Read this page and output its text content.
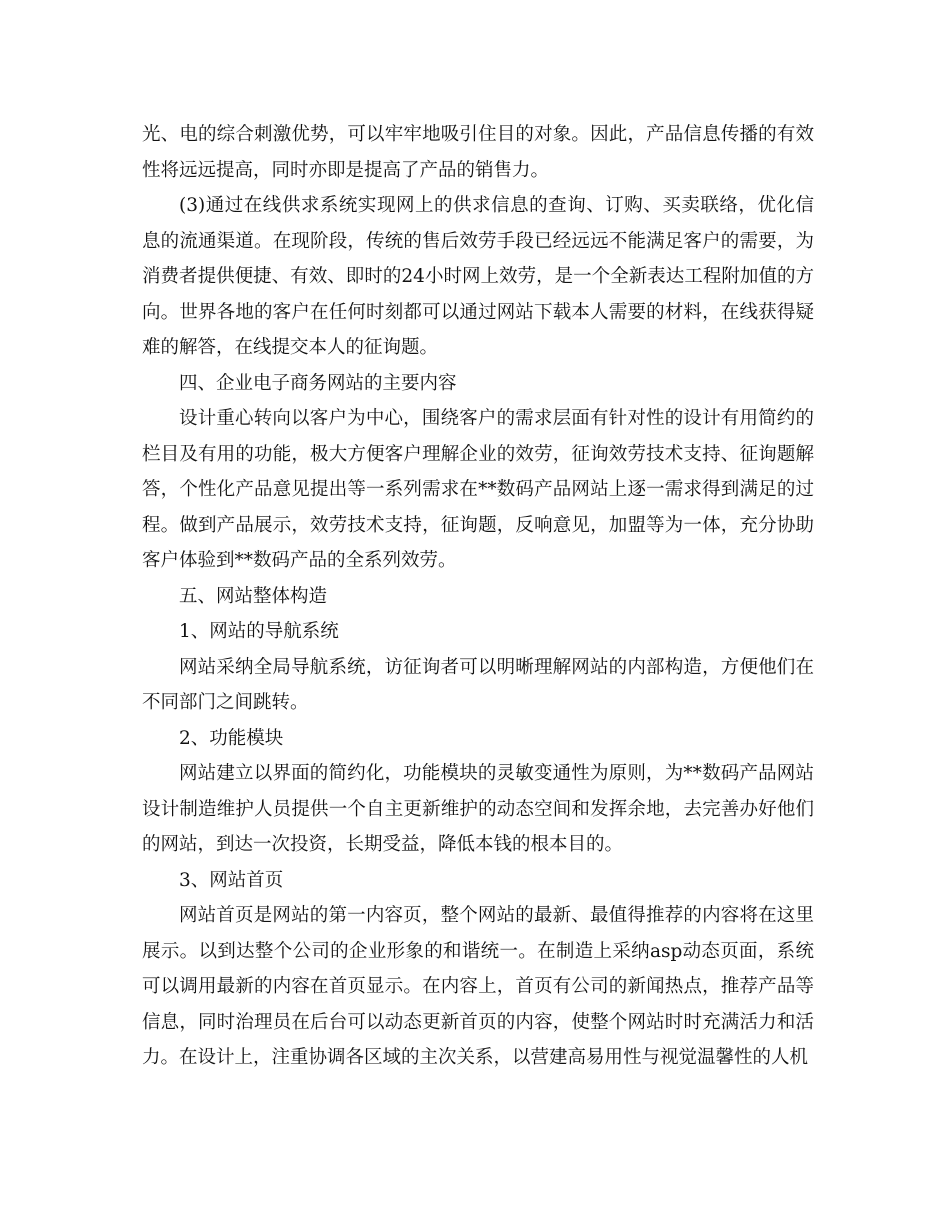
光、电的综合刺激优势，可以牢牢地吸引住目的对象。因此，产品信息传播的有效性将远远提高，同时亦即是提高了产品的销售力。

(3)通过在线供求系统实现网上的供求信息的查询、订购、买卖联络，优化信息的流通渠道。在现阶段，传统的售后效劳手段已经远远不能满足客户的需要，为消费者提供便捷、有效、即时的24小时网上效劳，是一个全新表达工程附加值的方向。世界各地的客户在任何时刻都可以通过网站下载本人需要的材料，在线获得疑难的解答，在线提交本人的征询题。

四、企业电子商务网站的主要内容

设计重心转向以客户为中心，围绕客户的需求层面有针对性的设计有用简约的栏目及有用的功能，极大方便客户理解企业的效劳，征询效劳技术支持、征询题解答，个性化产品意见提出等一系列需求在**数码产品网站上逐一需求得到满足的过程。做到产品展示，效劳技术支持，征询题，反响意见，加盟等为一体，充分协助客户体验到**数码产品的全系列效劳。

五、网站整体构造

1、网站的导航系统

网站采纳全局导航系统，访征询者可以明晰理解网站的内部构造，方便他们在不同部门之间跳转。

2、功能模块

网站建立以界面的简约化，功能模块的灵敏变通性为原则，为**数码产品网站设计制造维护人员提供一个自主更新维护的动态空间和发挥余地，去完善办好他们的网站，到达一次投资，长期受益，降低本钱的根本目的。

3、网站首页

网站首页是网站的第一内容页，整个网站的最新、最值得推荐的内容将在这里展示。以到达整个公司的企业形象的和谐统一。在制造上采纳asp动态页面，系统可以调用最新的内容在首页显示。在内容上，首页有公司的新闻热点，推荐产品等信息，同时治理员在后台可以动态更新首页的内容，使整个网站时时充满活力和活力。在设计上，注重协调各区域的主次关系，以营建高易用性与视觉温馨性的人机
